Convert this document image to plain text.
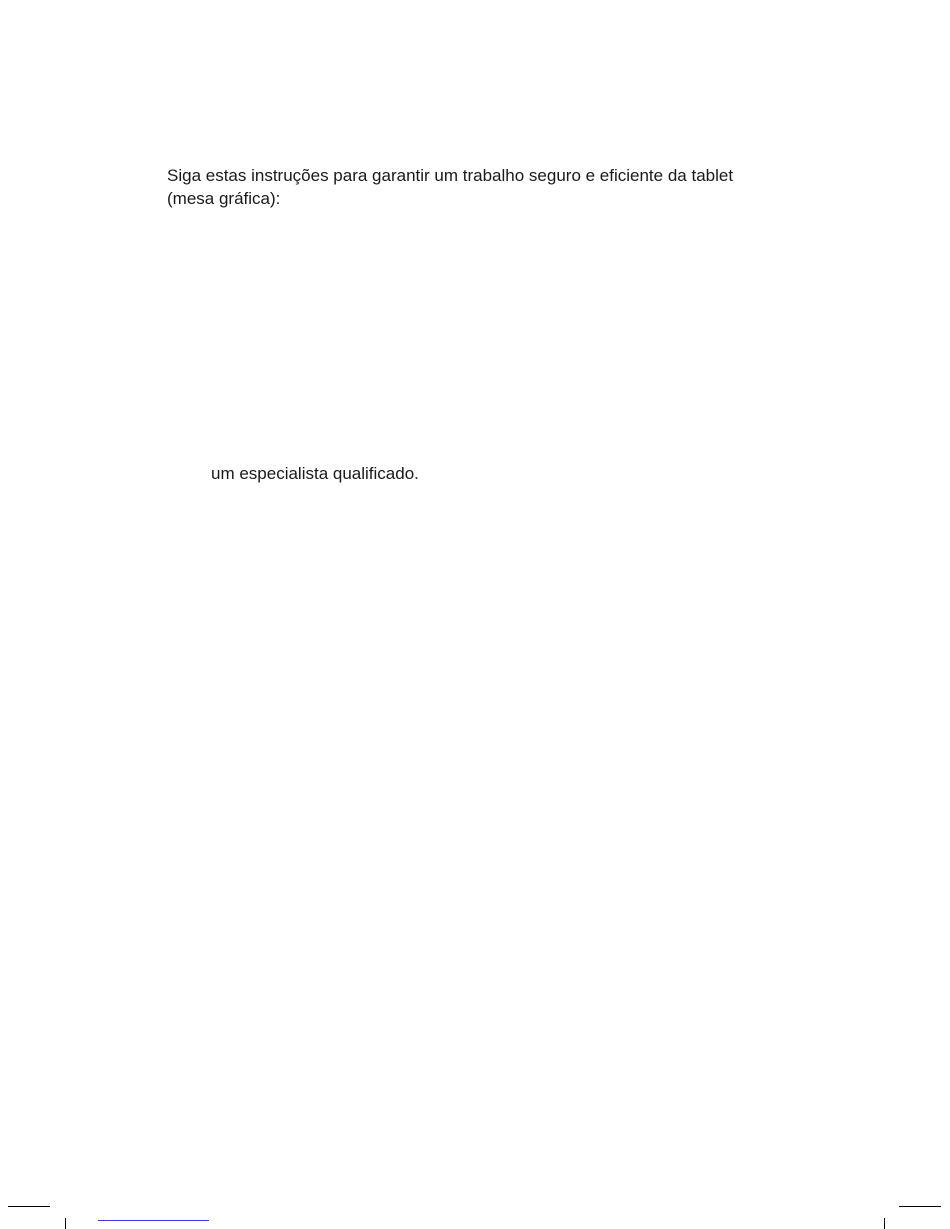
Siga estas instruções para garantir um trabalho seguro e eficiente da tablet
(mesa gráfica):

um especialista qualificado.
